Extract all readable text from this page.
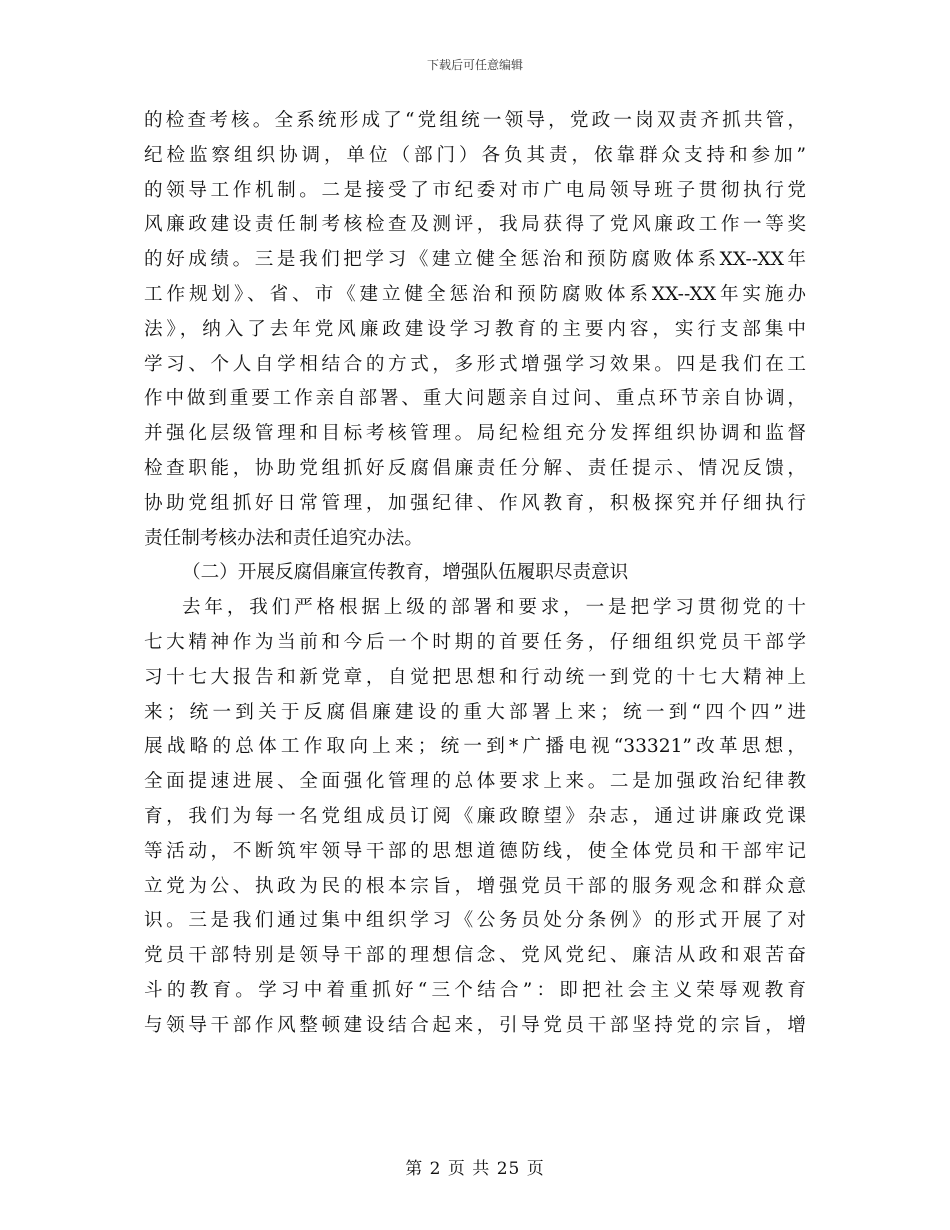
下载后可任意编辑
的检查考核。全系统形成了“党组统一领导，党政一岗双责齐抓共管，
纪检监察组织协调，单位（部门）各负其责，依靠群众支持和参加”
的领导工作机制。二是接受了市纪委对市广电局领导班子贯彻执行党
风廉政建设责任制考核检查及测评，我局获得了党风廉政工作一等奖
的好成绩。三是我们把学习《建立健全惩治和预防腐败体系XX--XX年
工作规划》、省、市《建立健全惩治和预防腐败体系XX--XX年实施办
法》，纳入了去年党风廉政建设学习教育的主要内容，实行支部集中
学习、个人自学相结合的方式，多形式增强学习效果。四是我们在工
作中做到重要工作亲自部署、重大问题亲自过问、重点环节亲自协调，
并强化层级管理和目标考核管理。局纪检组充分发挥组织协调和监督
检查职能，协助党组抓好反腐倡廉责任分解、责任提示、情况反馈，
协助党组抓好日常管理，加强纪律、作风教育，积极探究并仔细执行
责任制考核办法和责任追究办法。
（二）开展反腐倡廉宣传教育，增强队伍履职尽责意识
去年，我们严格根据上级的部署和要求，一是把学习贯彻党的十
七大精神作为当前和今后一个时期的首要任务，仔细组织党员干部学
习十七大报告和新党章，自觉把思想和行动统一到党的十七大精神上
来；统一到关于反腐倡廉建设的重大部署上来；统一到“四个四”进
展战略的总体工作取向上来；统一到*广播电视“33321”改革思想，
全面提速进展、全面强化管理的总体要求上来。二是加强政治纪律教
育，我们为每一名党组成员订阅《廉政瞭望》杂志，通过讲廉政党课
等活动，不断筑牢领导干部的思想道德防线，使全体党员和干部牢记
立党为公、执政为民的根本宗旨，增强党员干部的服务观念和群众意
识。三是我们通过集中组织学习《公务员处分条例》的形式开展了对
党员干部特别是领导干部的理想信念、党风党纪、廉洁从政和艰苦奋
斗的教育。学习中着重抓好“三个结合”：即把社会主义荣辱观教育
与领导干部作风整顿建设结合起来，引导党员干部坚持党的宗旨，增
第 2 页 共 25 页
